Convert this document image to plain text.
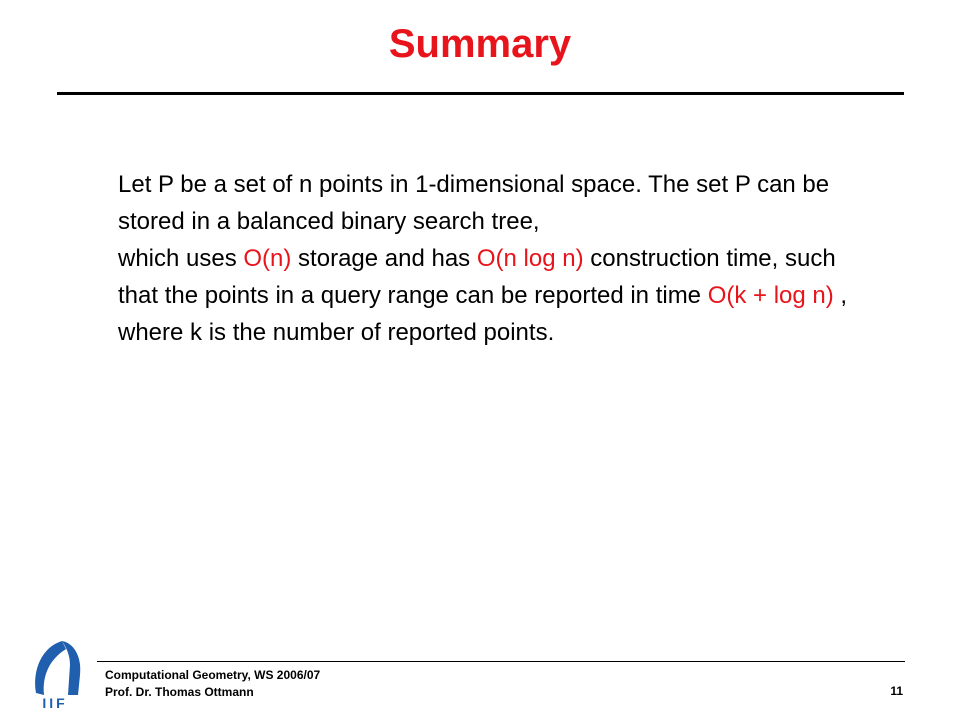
Summary
Let P be a set of n points in 1-dimensional space. The set P can be stored in a balanced binary search tree,
which uses O(n) storage and has O(n log n) construction time, such that the points in a query range can be reported in time O(k + log n) , where k is the number of reported points.
IIF
Computational Geometry, WS 2006/07
Prof. Dr. Thomas Ottmann	11
